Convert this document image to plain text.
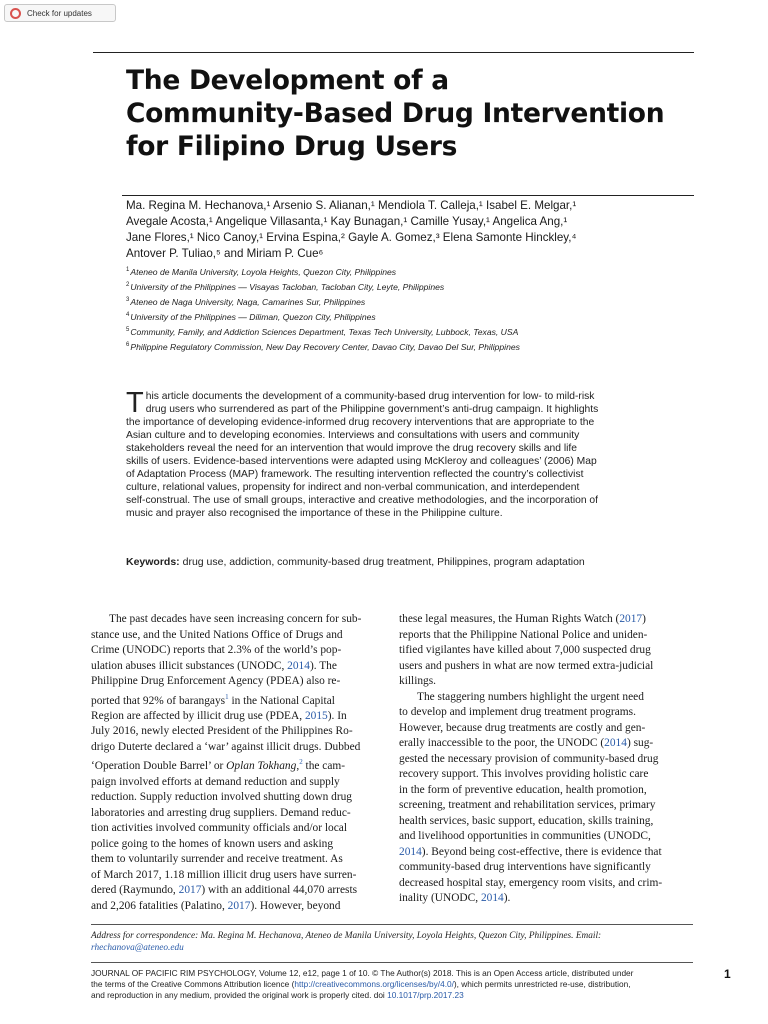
Check for updates
The Development of a
Community-Based Drug Intervention
for Filipino Drug Users
Ma. Regina M. Hechanova,¹ Arsenio S. Alianan,¹ Mendiola T. Calleja,¹ Isabel E. Melgar,¹
Avegale Acosta,¹ Angelique Villasanta,¹ Kay Bunagan,¹ Camille Yusay,¹ Angelica Ang,¹
Jane Flores,¹ Nico Canoy,¹ Ervina Espina,² Gayle A. Gomez,³ Elena Samonte Hinckley,⁴
Antover P. Tuliao,⁵ and Miriam P. Cue⁶
$^1$Ateneo de Manila University, Loyola Heights, Quezon City, Philippines
$^2$University of the Philippines — Visayas Tacloban, Tacloban City, Leyte, Philippines
$^3$Ateneo de Naga University, Naga, Camarines Sur, Philippines
$^4$University of the Philippines — Diliman, Quezon City, Philippines
$^5$Community, Family, and Addiction Sciences Department, Texas Tech University, Lubbock, Texas, USA
$^6$Philippine Regulatory Commission, New Day Recovery Center, Davao City, Davao Del Sur, Philippines
T his article documents the development of a community-based drug intervention for low- to mild-risk
drug users who surrendered as part of the Philippine government’s anti-drug campaign. It highlights
the importance of developing evidence-informed drug recovery interventions that are appropriate to the
Asian culture and to developing economies. Interviews and consultations with users and community
stakeholders reveal the need for an intervention that would improve the drug recovery skills and life
skills of users. Evidence-based interventions were adapted using McKleroy and colleagues’ (2006) Map
of Adaptation Process (MAP) framework. The resulting intervention reflected the country’s collectivist
culture, relational values, propensity for indirect and non-verbal communication, and interdependent
self-construal. The use of small groups, interactive and creative methodologies, and the incorporation of
music and prayer also recognised the importance of these in the Philippine culture.
Keywords: drug use, addiction, community-based drug treatment, Philippines, program adaptation
The past decades have seen increasing concern for sub-
stance use, and the United Nations Office of Drugs and
Crime (UNODC) reports that 2.3% of the world’s pop-
ulation abuses illicit substances (UNODC, 2014). The
Philippine Drug Enforcement Agency (PDEA) also re-
ported that 92% of barangays$^1$ in the National Capital
Region are affected by illicit drug use (PDEA, 2015). In
July 2016, newly elected President of the Philippines Ro-
drigo Duterte declared a ‘war’ against illicit drugs. Dubbed
‘Operation Double Barrel’ or Oplan Tokhang,$^2$ the cam-
paign involved efforts at demand reduction and supply
reduction. Supply reduction involved shutting down drug
laboratories and arresting drug suppliers. Demand reduc-
tion activities involved community officials and/or local
police going to the homes of known users and asking
them to voluntarily surrender and receive treatment. As
of March 2017, 1.18 million illicit drug users have surren-
dered (Raymundo, 2017) with an additional 44,070 arrests
and 2,206 fatalities (Palatino, 2017). However, beyond
these legal measures, the Human Rights Watch (2017)
reports that the Philippine National Police and uniden-
tified vigilantes have killed about 7,000 suspected drug
users and pushers in what are now termed extra-judicial
killings.
The staggering numbers highlight the urgent need
to develop and implement drug treatment programs.
However, because drug treatments are costly and gen-
erally inaccessible to the poor, the UNODC (2014) sug-
gested the necessary provision of community-based drug
recovery support. This involves providing holistic care
in the form of preventive education, health promotion,
screening, treatment and rehabilitation services, primary
health services, basic support, education, skills training,
and livelihood opportunities in communities (UNODC,
2014). Beyond being cost-effective, there is evidence that
community-based drug interventions have significantly
decreased hospital stay, emergency room visits, and crim-
inality (UNODC, 2014).
Address for correspondence: Ma. Regina M. Hechanova, Ateneo de Manila University, Loyola Heights, Quezon City, Philippines. Email:
rhechanova@ateneo.edu
JOURNAL OF PACIFIC RIM PSYCHOLOGY, Volume 12, e12, page 1 of 10. © The Author(s) 2018. This is an Open Access article, distributed under
the terms of the Creative Commons Attribution licence (http://creativecommons.org/licenses/by/4.0/), which permits unrestricted re-use, distribution,
and reproduction in any medium, provided the original work is properly cited. doi 10.1017/prp.2017.23
1
